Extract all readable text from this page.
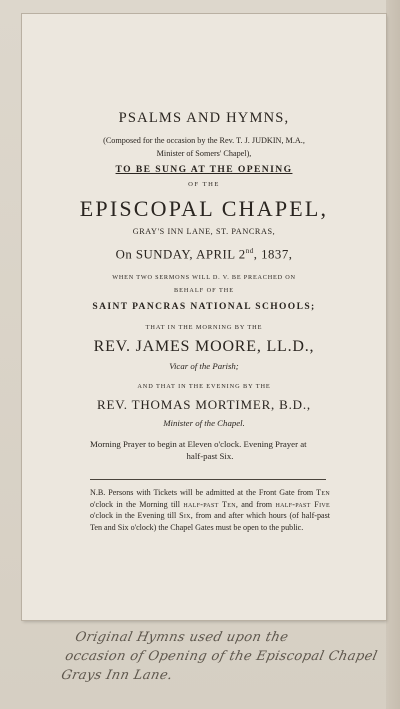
PSALMS AND HYMNS,
(Composed for the occasion by the Rev. T. J. JUDKIN, M.A.,
Minister of Somers' Chapel),
TO BE SUNG AT THE OPENING
OF THE
EPISCOPAL CHAPEL,
GRAY'S INN LANE, ST. PANCRAS,
On SUNDAY, APRIL 2nd, 1837,
WHEN TWO SERMONS WILL D. V. BE PREACHED ON
BEHALF OF THE
SAINT PANCRAS NATIONAL SCHOOLS;
THAT IN THE MORNING BY THE
REV. JAMES MOORE, LL.D.,
Vicar of the Parish;
AND THAT IN THE EVENING BY THE
REV. THOMAS MORTIMER, B.D.,
Minister of the Chapel.
Morning Prayer to begin at Eleven o'clock. Evening Prayer at
half-past Six.
N.B. Persons with Tickets will be admitted at the Front Gate from Ten o'clock in the Morning till half-past Ten, and from half-past Five o'clock in the Evening till Six, from and after which hours (of half-past Ten and Six o'clock) the Chapel Gates must be open to the public.
Original Hymns used upon the
occasion of Opening of the Episcopal Chapel
Grays Inn Lane.
